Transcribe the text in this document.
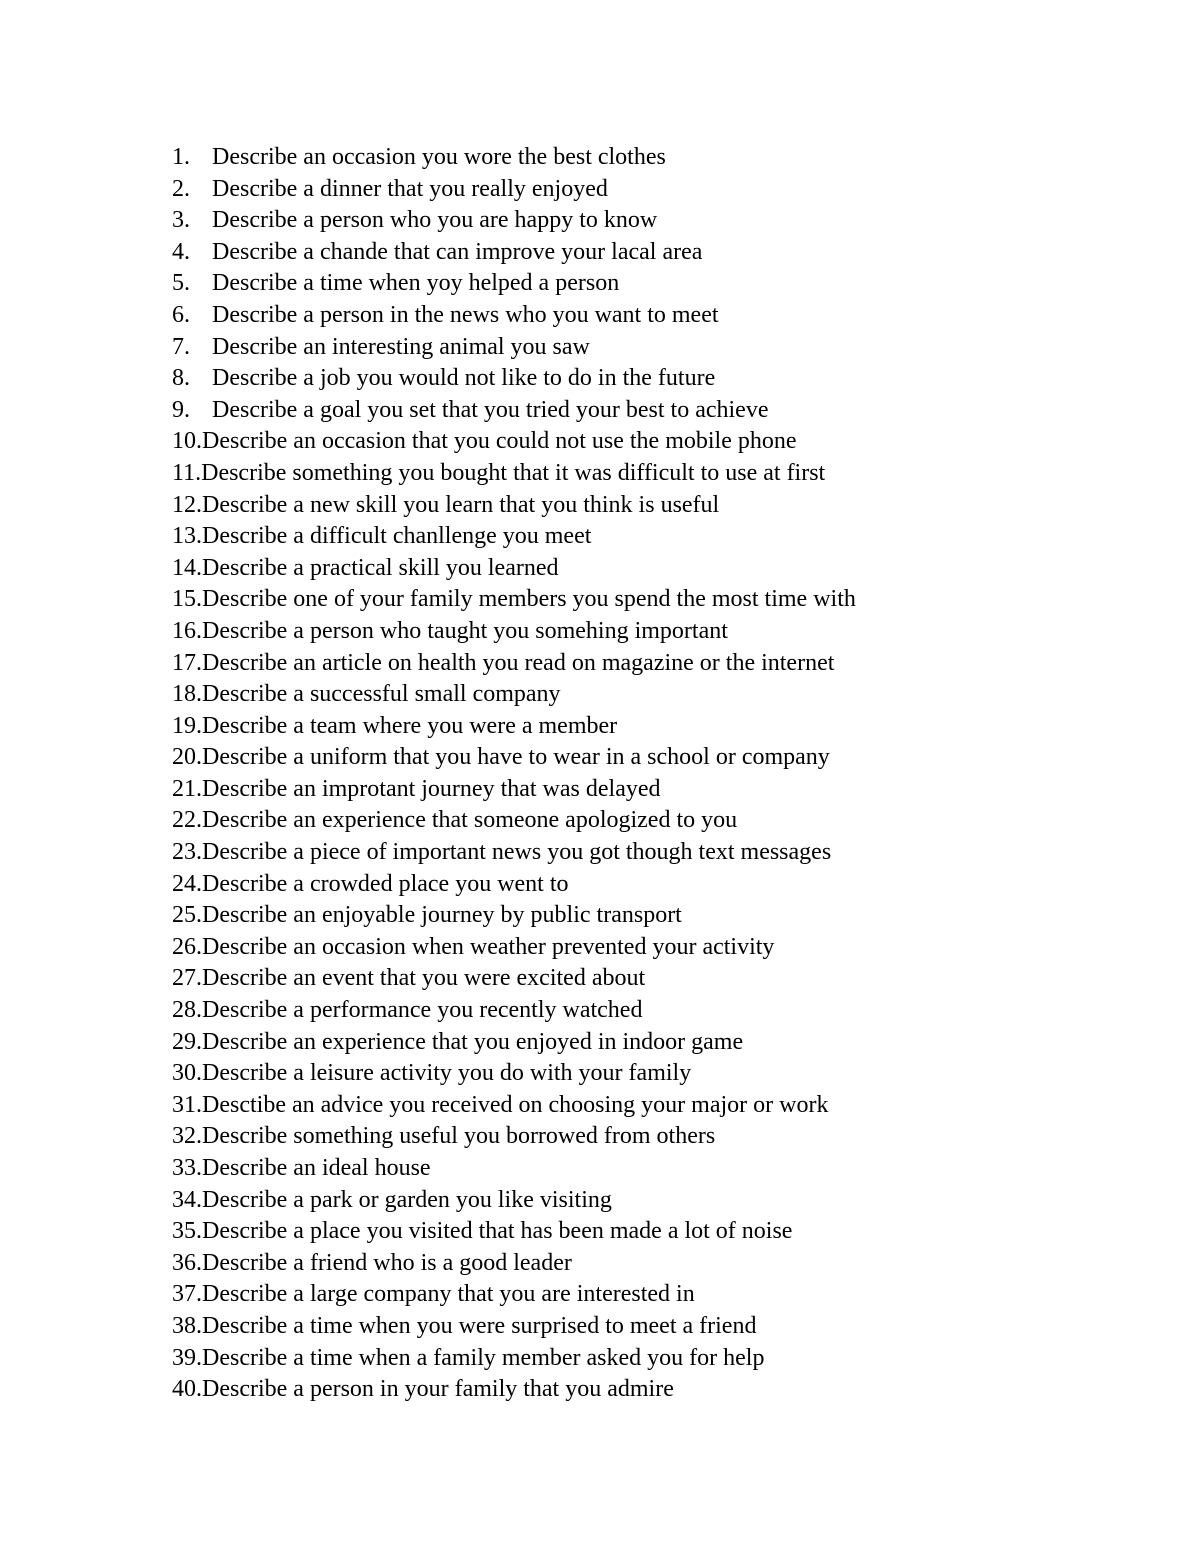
1. Describe an occasion you wore the best clothes
2. Describe a dinner that you really enjoyed
3. Describe a person who you are happy to know
4. Describe a chande that can improve your lacal area
5. Describe a time when yoy helped a person
6. Describe a person in the news who you want to meet
7. Describe an interesting animal you saw
8. Describe a job you would not like to do in the future
9. Describe a goal you set that you tried your best to achieve
10. Describe an occasion that you could not use the mobile phone
11. Describe something you bought that it was difficult to use at first
12. Describe a new skill you learn that you think is useful
13. Describe a difficult chanllenge you meet
14. Describe a practical skill you learned
15. Describe one of your family members you spend the most time with
16. Describe a person who taught you somehing important
17. Describe an article on health you read on magazine or the internet
18. Describe a successful small company
19. Describe a team where you were a member
20. Describe a uniform that you have to wear in a school or company
21. Describe an improtant journey that was delayed
22. Describe an experience that someone apologized to you
23. Describe a piece of important news you got though text messages
24. Describe a crowded place you went to
25. Describe an enjoyable journey by public transport
26. Describe an occasion when weather prevented your activity
27. Describe an event that you were excited about
28. Describe a performance you recently watched
29. Describe an experience that you enjoyed in indoor game
30. Describe a leisure activity you do with your family
31. Desctibe an advice you received on choosing your major or work
32. Describe something useful you borrowed from others
33. Describe an ideal house
34. Describe a park or garden you like visiting
35. Describe a place you visited that has been made a lot of noise
36. Describe a friend who is a good leader
37. Describe a large company that you are interested in
38. Describe a time when you were surprised to meet a friend
39. Describe a time when a family member asked you for help
40. Describe a person in your family that you admire
